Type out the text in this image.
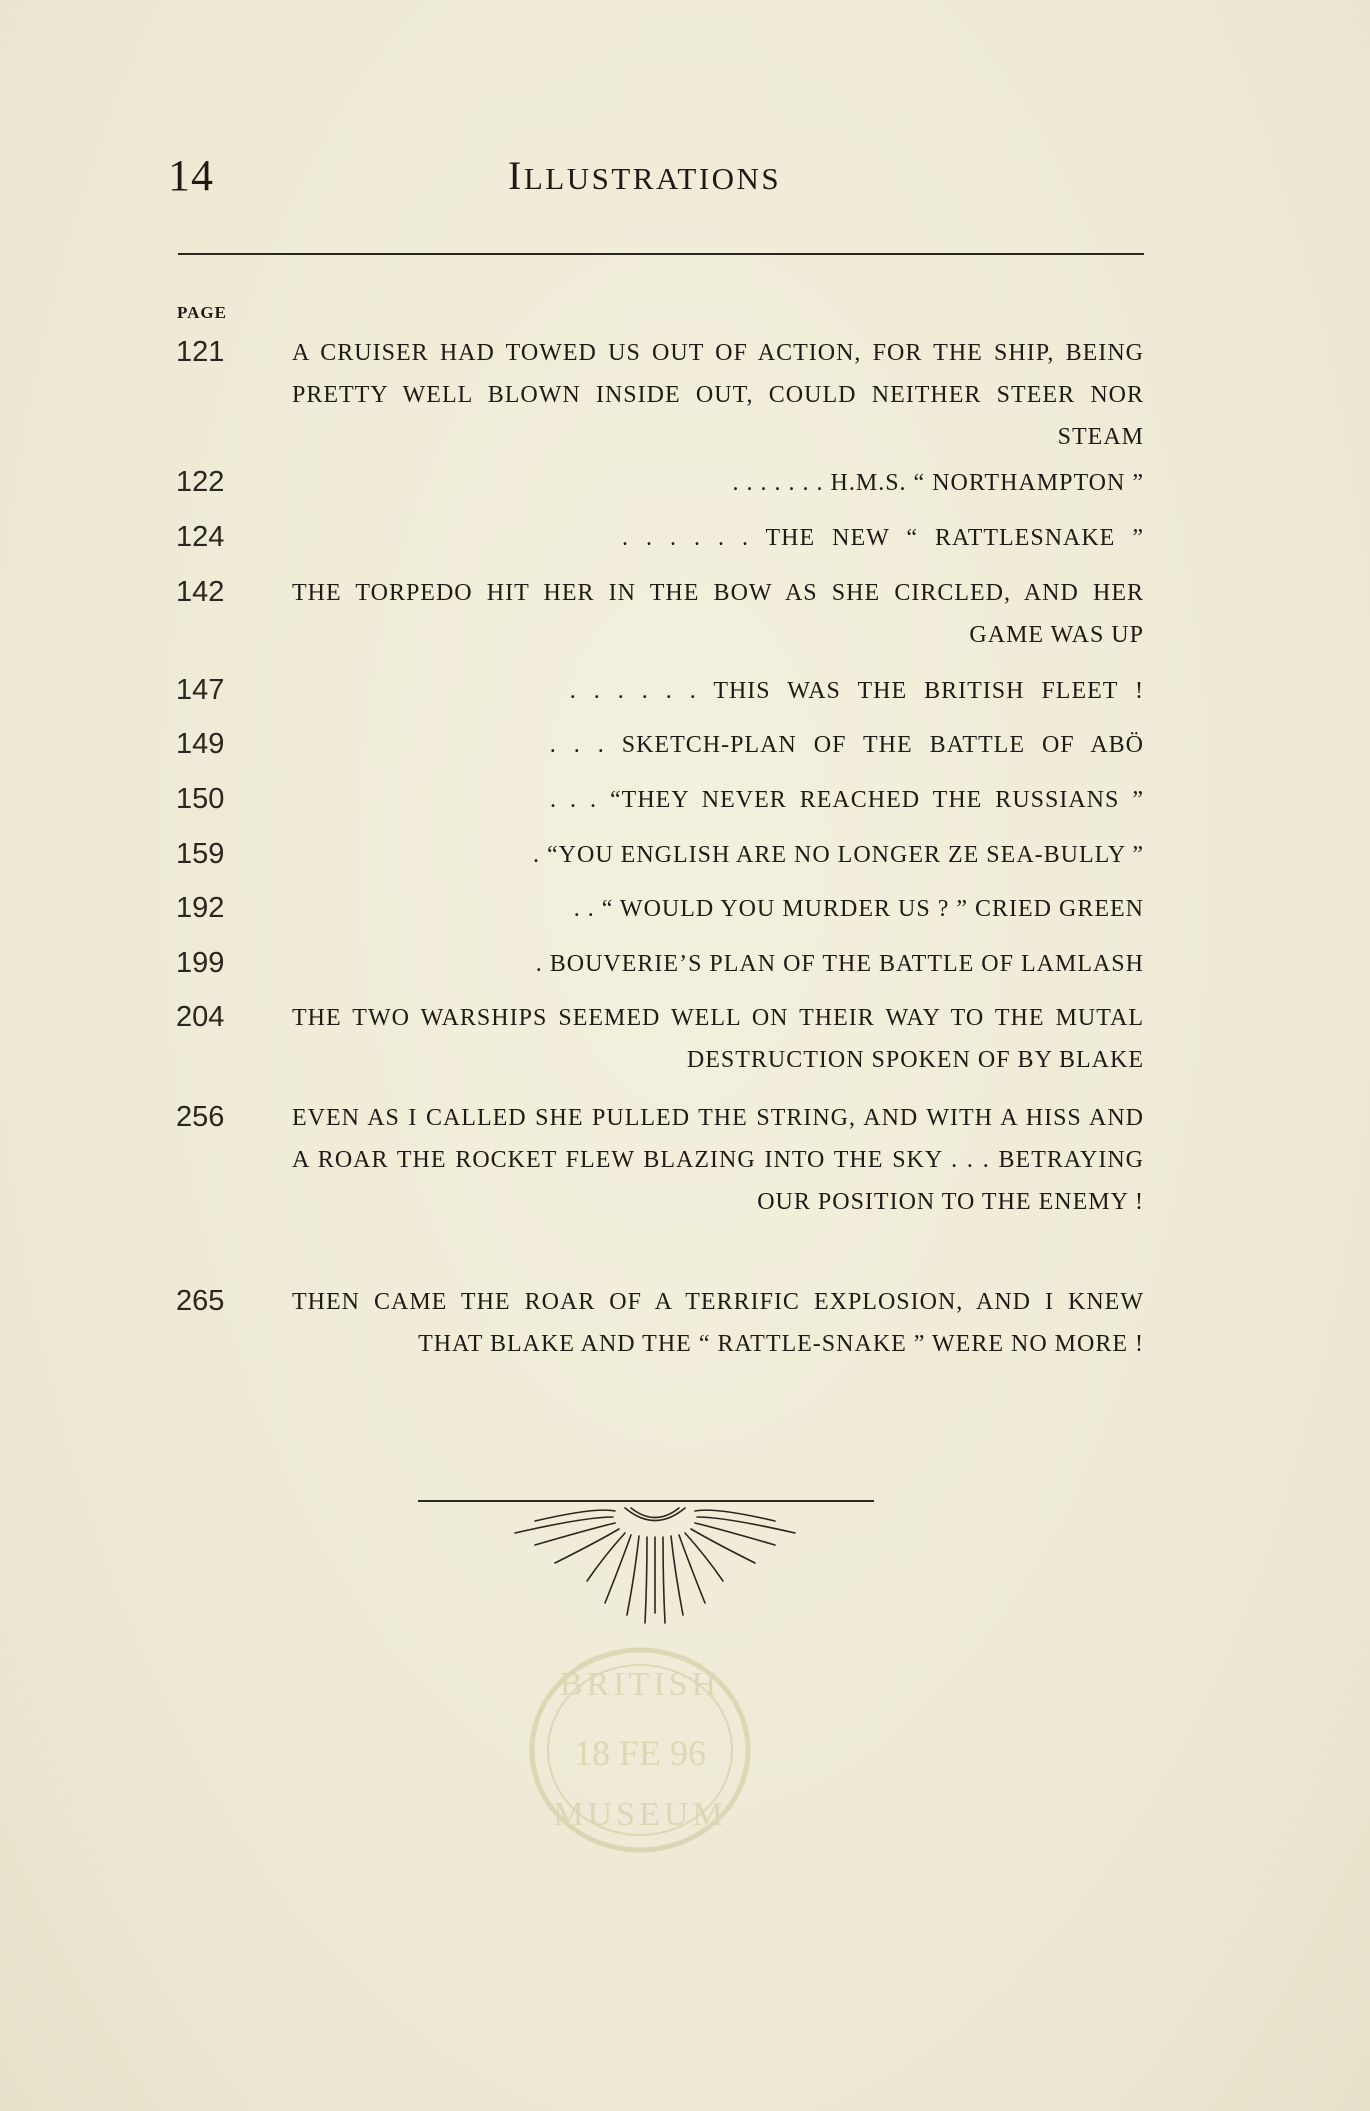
14	ILLUSTRATIONS
PAGE
121	A CRUISER HAD TOWED US OUT OF ACTION, FOR THE SHIP, BEING PRETTY WELL BLOWN INSIDE OUT, COULD NEITHER STEER NOR STEAM
122	. . . . . . . H.M.S. “ NORTHAMPTON ”
124	. . . . . . THE NEW “ RATTLESNAKE ”
142	THE TORPEDO HIT HER IN THE BOW AS SHE CIRCLED, AND HER GAME WAS UP
147	. . . . . . THIS WAS THE BRITISH FLEET !
149	. . . SKETCH-PLAN OF THE BATTLE OF ABÖ
150	. . . “THEY NEVER REACHED THE RUSSIANS ”
159	. “YOU ENGLISH ARE NO LONGER ZE SEA-BULLY ”
192	. . “ WOULD YOU MURDER US ? ” CRIED GREEN
199	. BOUVERIE’S PLAN OF THE BATTLE OF LAMLASH
204	THE TWO WARSHIPS SEEMED WELL ON THEIR WAY TO THE MUTAL DESTRUCTION SPOKEN OF BY BLAKE
256	EVEN AS I CALLED SHE PULLED THE STRING, AND WITH A HISS AND A ROAR THE ROCKET FLEW BLAZING INTO THE SKY . . . BETRAYING OUR POSITION TO THE ENEMY !
265	THEN CAME THE ROAR OF A TERRIFIC EXPLOSION, AND I KNEW THAT BLAKE AND THE “ RATTLE-SNAKE ” WERE NO MORE !
BRITISH
18 FE 96
MUSEUM
